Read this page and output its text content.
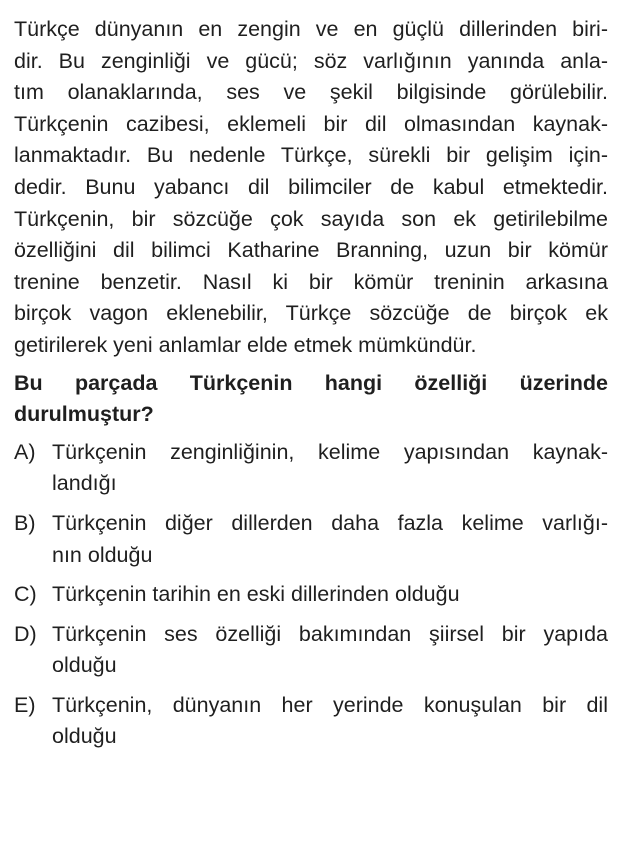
Türkçe dünyanın en zengin ve en güçlü dillerinden biri-
dir. Bu zenginliği ve gücü; söz varlığının yanında anla-
tım olanaklarında, ses ve şekil bilgisinde görülebilir.
Türkçenin cazibesi, eklemeli bir dil olmasından kaynak-
lanmaktadır. Bu nedenle Türkçe, sürekli bir gelişim için-
dedir. Bunu yabancı dil bilimciler de kabul etmektedir.
Türkçenin, bir sözcüğe çok sayıda son ek getirilebilme
özelliğini dil bilimci Katharine Branning, uzun bir kömür
trenine benzetir. Nasıl ki bir kömür treninin arkasına
birçok vagon eklenebilir, Türkçe sözcüğe de birçok ek
getirilerek yeni anlamlar elde etmek mümkündür.
Bu parçada Türkçenin hangi özelliği üzerinde
durulmuştur?
A) Türkçenin zenginliğinin, kelime yapısından kaynak-
landığı
B) Türkçenin diğer dillerden daha fazla kelime varlığı-
nın olduğu
C) Türkçenin tarihin en eski dillerinden olduğu
D) Türkçenin ses özelliği bakımından şiirsel bir yapıda
olduğu
E) Türkçenin, dünyanın her yerinde konuşulan bir dil
olduğu
